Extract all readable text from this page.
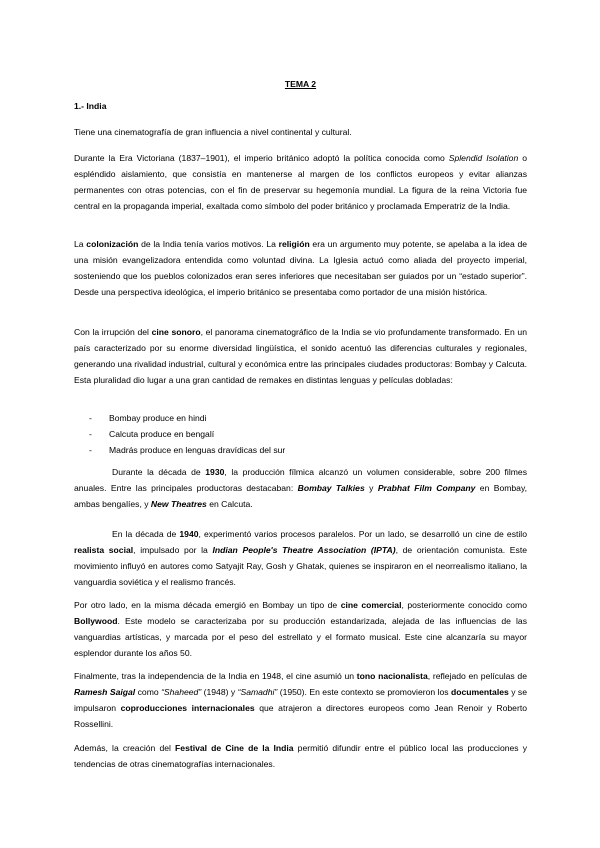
TEMA 2
1.- India

Tiene una cinematografía de gran influencia a nivel continental y cultural.

Durante la Era Victoriana (1837–1901), el imperio británico adoptó la política conocida como Splendid Isolation o espléndido aislamiento, que consistía en mantenerse al margen de los conflictos europeos y evitar alianzas permanentes con otras potencias, con el fin de preservar su hegemonía mundial. La figura de la reina Victoria fue central en la propaganda imperial, exaltada como símbolo del poder británico y proclamada Emperatriz de la India.

La colonización de la India tenía varios motivos. La religión era un argumento muy potente, se apelaba a la idea de una misión evangelizadora entendida como voluntad divina. La Iglesia actuó como aliada del proyecto imperial, sosteniendo que los pueblos colonizados eran seres inferiores que necesitaban ser guiados por un “estado superior”. Desde una perspectiva ideológica, el imperio británico se presentaba como portador de una misión histórica.

Con la irrupción del cine sonoro, el panorama cinematográfico de la India se vio profundamente transformado. En un país caracterizado por su enorme diversidad lingüística, el sonido acentuó las diferencias culturales y regionales, generando una rivalidad industrial, cultural y económica entre las principales ciudades productoras: Bombay y Calcuta. Esta pluralidad dio lugar a una gran cantidad de remakes en distintas lenguas y películas dobladas:

- Bombay produce en hindi
- Calcuta produce en bengalí
- Madrás produce en lenguas dravídicas del sur

Durante la década de 1930, la producción fílmica alcanzó un volumen considerable, sobre 200 filmes anuales. Entre las principales productoras destacaban: Bombay Talkies y Prabhat Film Company en Bombay, ambas bengalíes, y New Theatres en Calcuta.

En la década de 1940, experimentó varios procesos paralelos. Por un lado, se desarrolló un cine de estilo realista social, impulsado por la Indian People's Theatre Association (IPTA), de orientación comunista. Este movimiento influyó en autores como Satyajit Ray, Gosh y Ghatak, quienes se inspiraron en el neorrealismo italiano, la vanguardia soviética y el realismo francés.

Por otro lado, en la misma década emergió en Bombay un tipo de cine comercial, posteriormente conocido como Bollywood. Este modelo se caracterizaba por su producción estandarizada, alejada de las influencias de las vanguardias artísticas, y marcada por el peso del estrellato y el formato musical. Este cine alcanzaría su mayor esplendor durante los años 50.

Finalmente, tras la independencia de la India en 1948, el cine asumió un tono nacionalista, reflejado en películas de Ramesh Saigal como “Shaheed” (1948) y “Samadhi” (1950). En este contexto se promovieron los documentales y se impulsaron coproducciones internacionales que atrajeron a directores europeos como Jean Renoir y Roberto Rossellini.

Además, la creación del Festival de Cine de la India permitió difundir entre el público local las producciones y tendencias de otras cinematografías internacionales.
